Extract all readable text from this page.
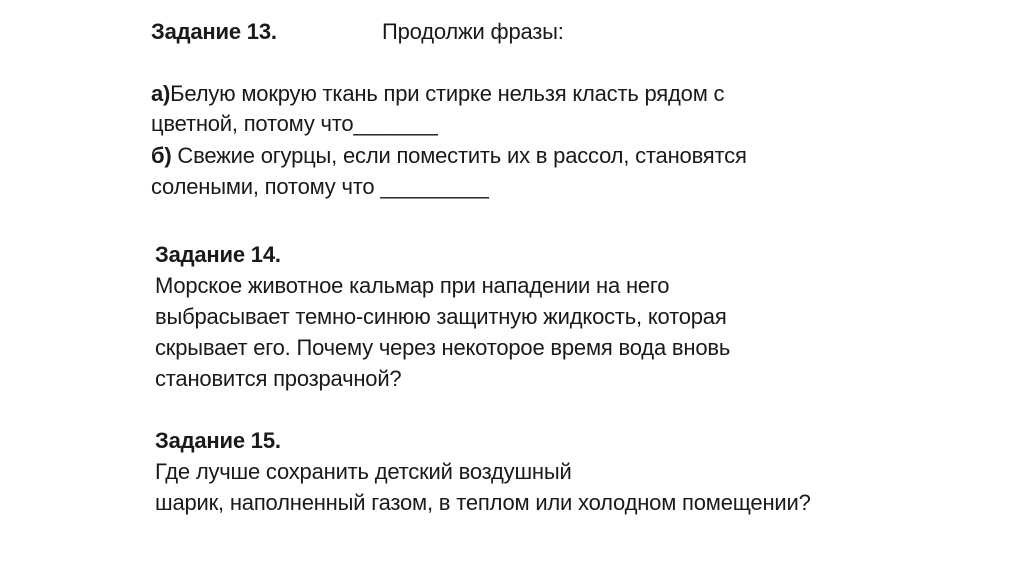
Задание 13.	Продолжи фразы:
а)Белую мокрую ткань при стирке нельзя класть рядом с
цветной, потому что_______
б) Свежие огурцы, если поместить их в рассол, становятся
солеными, потому что _________
Задание 14.
Морское животное кальмар при нападении на него
выбрасывает темно-синюю защитную жидкость, которая
скрывает его. Почему через некоторое время вода вновь
становится прозрачной?
Задание 15.
Где лучше сохранить детский воздушный
шарик, наполненный газом, в теплом или холодном помещении?
